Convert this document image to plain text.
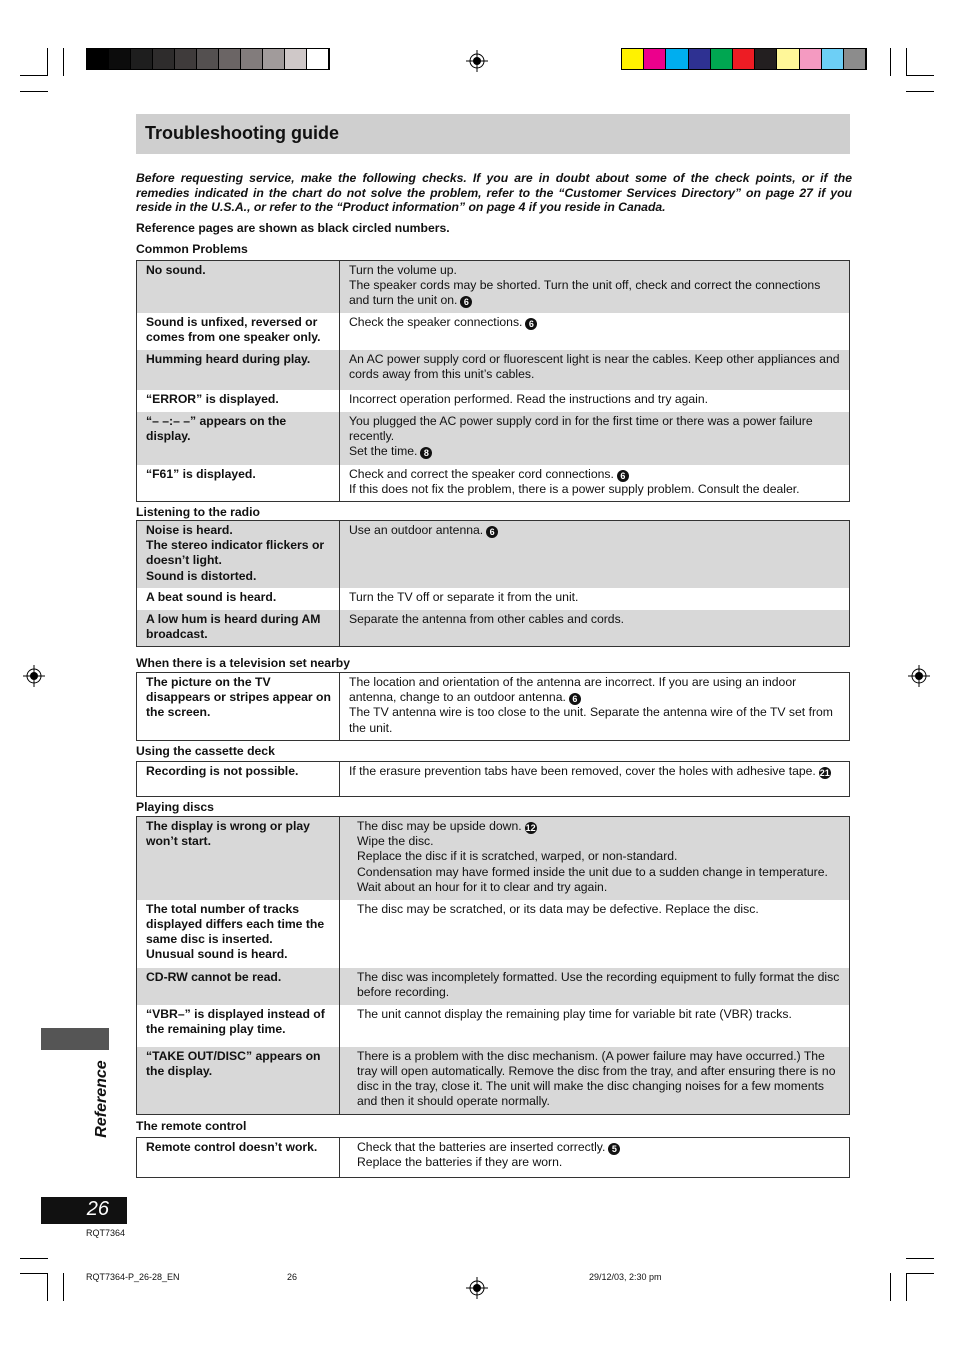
Troubleshooting guide
Before requesting service, make the following checks. If you are in doubt about some of the check points, or if the remedies indicated in the chart do not solve the problem, refer to the “Customer Services Directory” on page 27 if you reside in the U.S.A., or refer to the “Product information” on page 4 if you reside in Canada.
Reference pages are shown as black circled numbers.
Common Problems
No sound.	Turn the volume up.
The speaker cords may be shorted. Turn the unit off, check and correct the connections and turn the unit on. 6
Sound is unfixed, reversed or comes from one speaker only.	Check the speaker connections. 6
Humming heard during play.	An AC power supply cord or fluorescent light is near the cables. Keep other appliances and cords away from this unit’s cables.
“ERROR” is displayed.	Incorrect operation performed. Read the instructions and try again.
“– –:– –” appears on the display.	You plugged the AC power supply cord in for the first time or there was a power failure recently.
Set the time. 8
“F61” is displayed.	Check and correct the speaker cord connections. 6
If this does not fix the problem, there is a power supply problem. Consult the dealer.
Listening to the radio
Noise is heard.
The stereo indicator flickers or doesn’t light.
Sound is distorted.	Use an outdoor antenna. 6
A beat sound is heard.	Turn the TV off or separate it from the unit.
A low hum is heard during AM broadcast.	Separate the antenna from other cables and cords.
When there is a television set nearby
The picture on the TV disappears or stripes appear on the screen.	The location and orientation of the antenna are incorrect. If you are using an indoor antenna, change to an outdoor antenna. 6
The TV antenna wire is too close to the unit. Separate the antenna wire of the TV set from the unit.
Using the cassette deck
Recording is not possible.	If the erasure prevention tabs have been removed, cover the holes with adhesive tape. 21
Playing discs
The display is wrong or play won’t start.	The disc may be upside down. 12
Wipe the disc.
Replace the disc if it is scratched, warped, or non-standard.
Condensation may have formed inside the unit due to a sudden change in temperature. Wait about an hour for it to clear and try again.
The total number of tracks displayed differs each time the same disc is inserted.
Unusual sound is heard.	The disc may be scratched, or its data may be defective. Replace the disc.
CD-RW cannot be read.	The disc was incompletely formatted. Use the recording equipment to fully format the disc before recording.
“VBR–” is displayed instead of the remaining play time.	The unit cannot display the remaining play time for variable bit rate (VBR) tracks.
“TAKE OUT/DISC” appears on the display.	There is a problem with the disc mechanism. (A power failure may have occurred.) The tray will open automatically. Remove the disc from the tray, and after ensuring there is no disc in the tray, close it. The unit will make the disc changing noises for a few moments and then it should operate normally.
The remote control
Remote control doesn’t work.	Check that the batteries are inserted correctly. 5
Replace the batteries if they are worn.
Reference
26
RQT7364
RQT7364-P_26-28_EN	26	29/12/03, 2:30 pm
